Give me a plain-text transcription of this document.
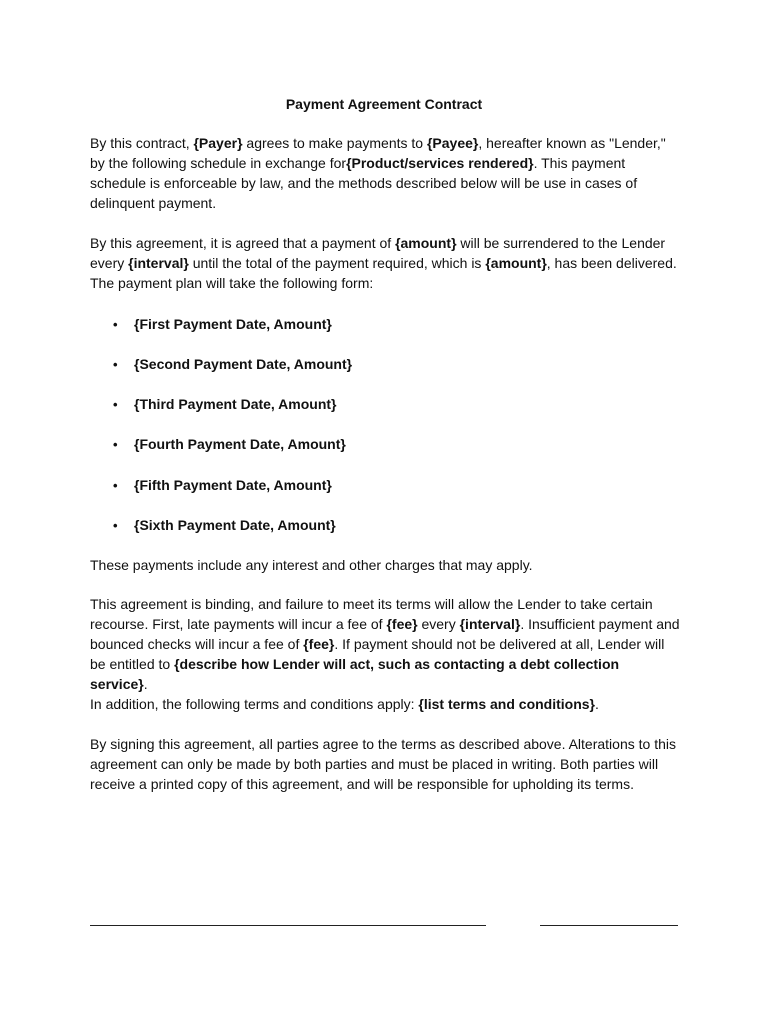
Payment Agreement Contract

By this contract, {Payer} agrees to make payments to {Payee}, hereafter known as "Lender," by the following schedule in exchange for{Product/services rendered}. This payment schedule is enforceable by law, and the methods described below will be use in cases of delinquent payment.

By this agreement, it is agreed that a payment of {amount} will be surrendered to the Lender every {interval} until the total of the payment required, which is {amount}, has been delivered. The payment plan will take the following form:

• {First Payment Date, Amount}
• {Second Payment Date, Amount}
• {Third Payment Date, Amount}
• {Fourth Payment Date, Amount}
• {Fifth Payment Date, Amount}
• {Sixth Payment Date, Amount}

These payments include any interest and other charges that may apply.

This agreement is binding, and failure to meet its terms will allow the Lender to take certain recourse. First, late payments will incur a fee of {fee} every {interval}. Insufficient payment and bounced checks will incur a fee of {fee}. If payment should not be delivered at all, Lender will be entitled to {describe how Lender will act, such as contacting a debt collection service}.

In addition, the following terms and conditions apply: {list terms and conditions}.

By signing this agreement, all parties agree to the terms as described above. Alterations to this agreement can only be made by both parties and must be placed in writing. Both parties will receive a printed copy of this agreement, and will be responsible for upholding its terms.
